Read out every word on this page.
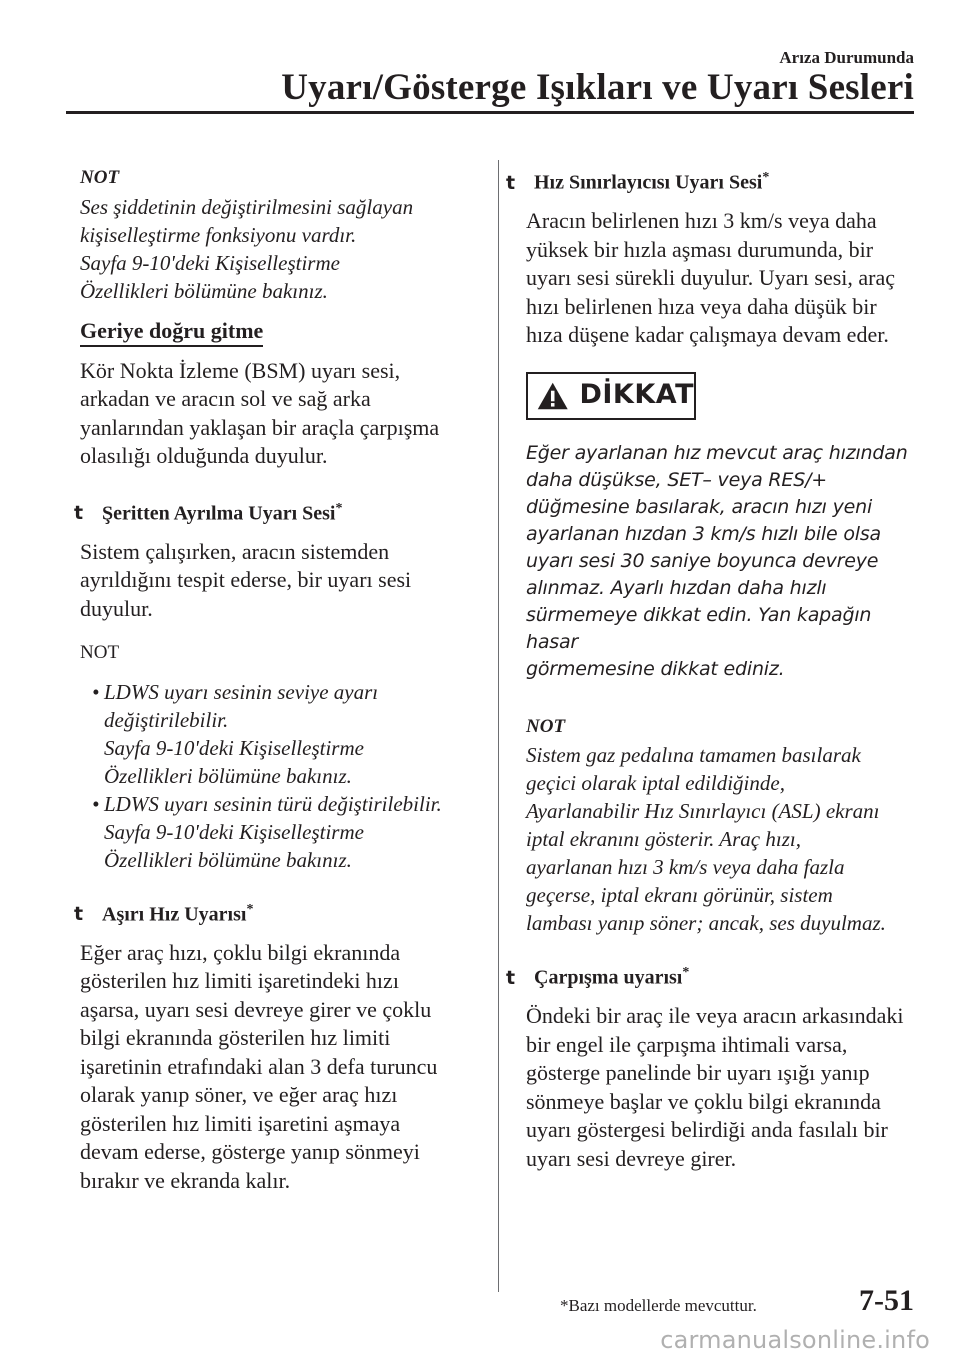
Arıza Durumunda
Uyarı/Gösterge Işıkları ve Uyarı Sesleri
NOT
Ses şiddetinin değiştirilmesini sağlayan
kişiselleştirme fonksiyonu vardır.
Sayfa 9-10'deki Kişiselleştirme
Özellikleri bölümüne bakınız.
Geriye doğru gitme
Kör Nokta İzleme (BSM) uyarı sesi,
arkadan ve aracın sol ve sağ arka
yanlarından yaklaşan bir araçla çarpışma
olasılığı olduğunda duyulur.
t Şeritten Ayrılma Uyarı Sesi*
Sistem çalışırken, aracın sistemden
ayrıldığını tespit ederse, bir uyarı sesi
duyulur.
NOT
• LDWS uyarı sesinin seviye ayarı
değiştirilebilir.
Sayfa 9-10'deki Kişiselleştirme
Özellikleri bölümüne bakınız.
• LDWS uyarı sesinin türü değiştirilebilir.
Sayfa 9-10'deki Kişiselleştirme
Özellikleri bölümüne bakınız.
t Aşırı Hız Uyarısı*
Eğer araç hızı, çoklu bilgi ekranında
gösterilen hız limiti işaretindeki hızı
aşarsa, uyarı sesi devreye girer ve çoklu
bilgi ekranında gösterilen hız limiti
işaretinin etrafındaki alan 3 defa turuncu
olarak yanıp söner, ve eğer araç hızı
gösterilen hız limiti işaretini aşmaya
devam ederse, gösterge yanıp sönmeyi
bırakır ve ekranda kalır.
t Hız Sınırlayıcısı Uyarı Sesi*
Aracın belirlenen hızı 3 km/s veya daha
yüksek bir hızla aşması durumunda, bir
uyarı sesi sürekli duyulur. Uyarı sesi, araç
hızı belirlenen hıza veya daha düşük bir
hıza düşene kadar çalışmaya devam eder.
DİKKAT
Eğer ayarlanan hız mevcut araç hızından
daha düşükse, SET– veya RES/+
düğmesine basılarak, aracın hızı yeni
ayarlanan hızdan 3 km/s hızlı bile olsa
uyarı sesi 30 saniye boyunca devreye
alınmaz. Ayarlı hızdan daha hızlı
sürmemeye dikkat edin. Yan kapağın hasar
görmemesine dikkat ediniz.
NOT
Sistem gaz pedalına tamamen basılarak
geçici olarak iptal edildiğinde,
Ayarlanabilir Hız Sınırlayıcı (ASL) ekranı
iptal ekranını gösterir. Araç hızı,
ayarlanan hızı 3 km/s veya daha fazla
geçerse, iptal ekranı görünür, sistem
lambası yanıp söner; ancak, ses duyulmaz.
t Çarpışma uyarısı*
Öndeki bir araç ile veya aracın arkasındaki
bir engel ile çarpışma ihtimali varsa,
gösterge panelinde bir uyarı ışığı yanıp
sönmeye başlar ve çoklu bilgi ekranında
uyarı göstergesi belirdiği anda fasılalı bir
uyarı sesi devreye girer.
*Bazı modellerde mevcuttur.	7-51
carmanualsonline.info
